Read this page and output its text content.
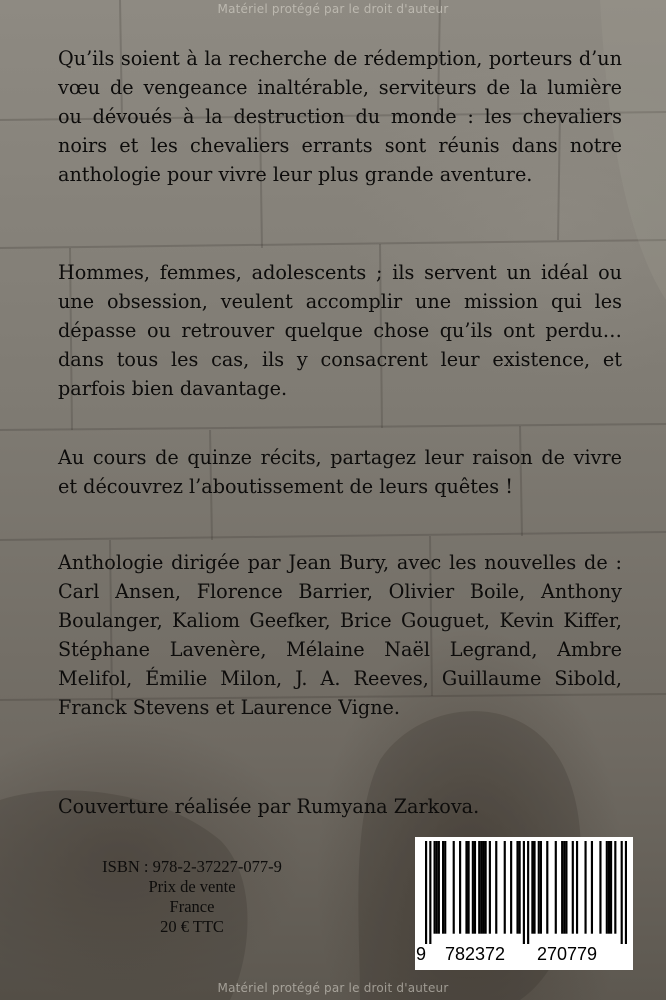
Matériel protégé par le droit d'auteur

Qu’ils soient à la recherche de rédemption, porteurs d’un vœu de vengeance inaltérable, serviteurs de la lumière ou dévoués à la destruction du monde : les chevaliers noirs et les chevaliers errants sont réunis dans notre anthologie pour vivre leur plus grande aventure.

Hommes, femmes, adolescents ; ils servent un idéal ou une obsession, veulent accomplir une mission qui les dépasse ou retrouver quelque chose qu’ils ont perdu… dans tous les cas, ils y consacrent leur existence, et parfois bien davantage.

Au cours de quinze récits, partagez leur raison de vivre et découvrez l’aboutissement de leurs quêtes !

Anthologie dirigée par Jean Bury, avec les nouvelles de : Carl Ansen, Florence Barrier, Olivier Boile, Anthony Boulanger, Kaliom Geefker, Brice Gouguet, Kevin Kiffer, Stéphane Lavenère, Mélaine Naël Legrand, Ambre Melifol, Émilie Milon, J. A. Reeves, Guillaume Sibold, Franck Stevens et Laurence Vigne.

Couverture réalisée par Rumyana Zarkova.

ISBN : 978-2-37227-077-9
Prix de vente
France
20 € TTC
9 782372 270779
Matériel protégé par le droit d'auteur
